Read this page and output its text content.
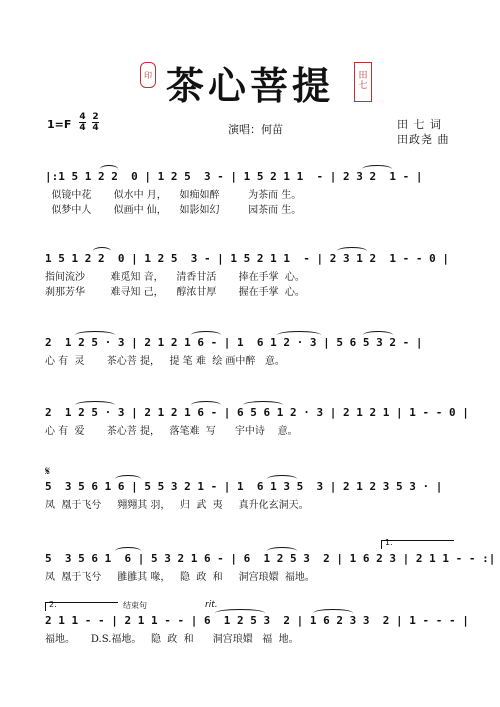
印 茶心菩提	田
七
1=F
4
4
2
4	演唱：何苗	田 七 词
田政尧 曲
|:1 5 1 2 2  0 | 1 2 5  3 - | 1 5 2 1 1  - | 2 3 2  1 - |
似镜中花       似水中 月，    如痴如醉         为茶而 生。
似梦中人       似画中 仙，    如影如幻         园茶而 生。
1 5 1 2 2  0 | 1 2 5  3 - | 1 5 2 1 1  - | 2 3 1 2  1 - - 0 |
指间流沙        难觅知 音，    清香甘活       捧在手掌  心。
刹那芳华        难寻知 己，    醇浓甘厚       握在手掌  心。
2  1 2 5 · 3 | 2 1 2 1 6 - | 1  6 1 2 · 3 | 5 6 5 3 2 - |
心 有  灵       茶心菩 提，   提 笔 难  绘 画中醉   意。
2  1 2 5 · 3 | 2 1 2 1 6 - | 6 5 6 1 2 · 3 | 2 1 2 1 | 1 - - 0 |
心 有  爱       茶心菩 提，   落笔难  写      宇中诗    意。
𝄋
5  3 5 6 1 6 | 5 5 3 2 1 - | 1  6 1 3 5  3 | 2 1 2 3 5 3 · |
凤  凰于飞兮     翙翙其 羽，   归  武  夷     真升化玄洞天。
1.
5  3 5 6 1  6 | 5 3 2 1 6 - | 6  1 2 5 3  2 | 1 6 2 3 | 2 1 1 - - :|
凤  凰于飞兮     雝雝其 喙，   隐  政  和     洞宫琅嬛  福地。
2.	结束句	rit.
2 1 1 - - | 2 1 1 - - | 6  1 2 5 3  2 | 1 6 2 3 3  2 | 1 - - - |
福地。     D.S.福地。   隐  政  和      洞宫琅嬛   福  地。
